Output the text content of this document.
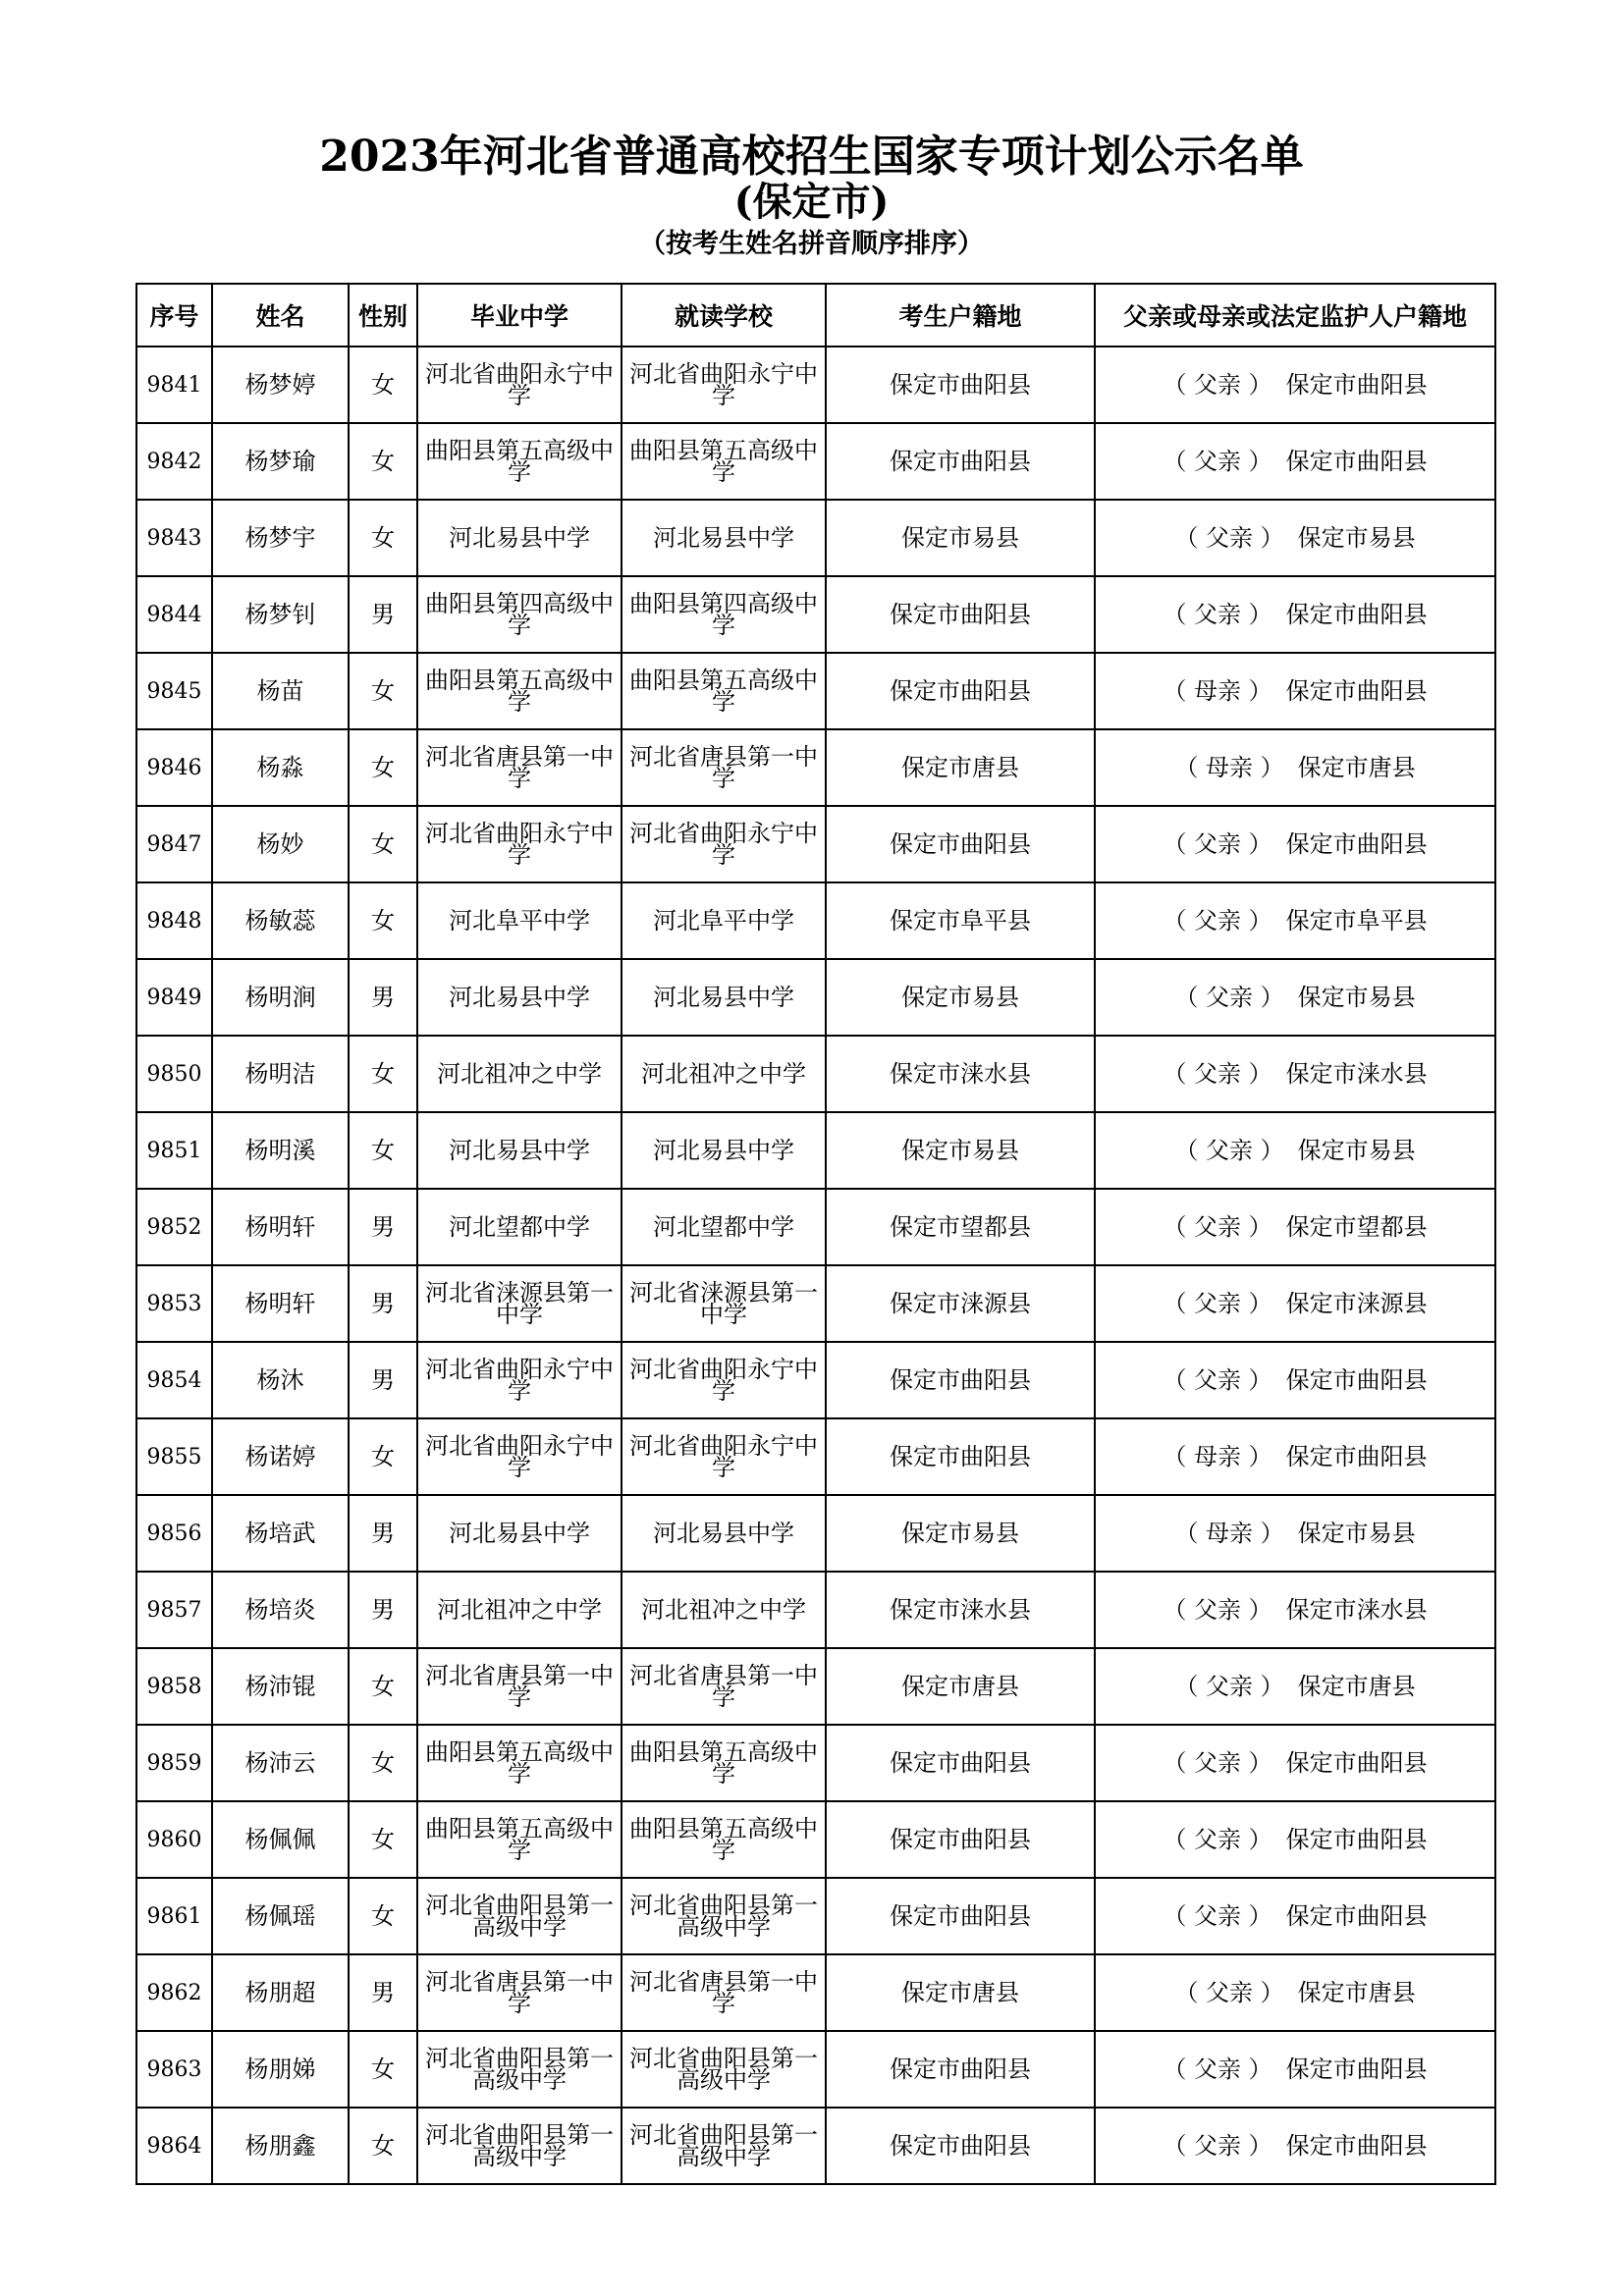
2023年河北省普通高校招生国家专项计划公示名单
(保定市)
（按考生姓名拼音顺序排序）
序号	姓名	性别	毕业中学	就读学校	考生户籍地	父亲或母亲或法定监护人户籍地
9841	杨梦婷	女	河北省曲阳永宁中学	河北省曲阳永宁中学	保定市曲阳县	（ 父亲 ） 保定市曲阳县
9842	杨梦瑜	女	曲阳县第五高级中学	曲阳县第五高级中学	保定市曲阳县	（ 父亲 ） 保定市曲阳县
9843	杨梦宇	女	河北易县中学	河北易县中学	保定市易县	（ 父亲 ） 保定市易县
9844	杨梦钊	男	曲阳县第四高级中学	曲阳县第四高级中学	保定市曲阳县	（ 父亲 ） 保定市曲阳县
9845	杨苗	女	曲阳县第五高级中学	曲阳县第五高级中学	保定市曲阳县	（ 母亲 ） 保定市曲阳县
9846	杨淼	女	河北省唐县第一中学	河北省唐县第一中学	保定市唐县	（ 母亲 ） 保定市唐县
9847	杨妙	女	河北省曲阳永宁中学	河北省曲阳永宁中学	保定市曲阳县	（ 父亲 ） 保定市曲阳县
9848	杨敏蕊	女	河北阜平中学	河北阜平中学	保定市阜平县	（ 父亲 ） 保定市阜平县
9849	杨明涧	男	河北易县中学	河北易县中学	保定市易县	（ 父亲 ） 保定市易县
9850	杨明洁	女	河北祖冲之中学	河北祖冲之中学	保定市涞水县	（ 父亲 ） 保定市涞水县
9851	杨明溪	女	河北易县中学	河北易县中学	保定市易县	（ 父亲 ） 保定市易县
9852	杨明轩	男	河北望都中学	河北望都中学	保定市望都县	（ 父亲 ） 保定市望都县
9853	杨明轩	男	河北省涞源县第一中学	河北省涞源县第一中学	保定市涞源县	（ 父亲 ） 保定市涞源县
9854	杨沐	男	河北省曲阳永宁中学	河北省曲阳永宁中学	保定市曲阳县	（ 父亲 ） 保定市曲阳县
9855	杨诺婷	女	河北省曲阳永宁中学	河北省曲阳永宁中学	保定市曲阳县	（ 母亲 ） 保定市曲阳县
9856	杨培武	男	河北易县中学	河北易县中学	保定市易县	（ 母亲 ） 保定市易县
9857	杨培炎	男	河北祖冲之中学	河北祖冲之中学	保定市涞水县	（ 父亲 ） 保定市涞水县
9858	杨沛锟	女	河北省唐县第一中学	河北省唐县第一中学	保定市唐县	（ 父亲 ） 保定市唐县
9859	杨沛云	女	曲阳县第五高级中学	曲阳县第五高级中学	保定市曲阳县	（ 父亲 ） 保定市曲阳县
9860	杨佩佩	女	曲阳县第五高级中学	曲阳县第五高级中学	保定市曲阳县	（ 父亲 ） 保定市曲阳县
9861	杨佩瑶	女	河北省曲阳县第一高级中学	河北省曲阳县第一高级中学	保定市曲阳县	（ 父亲 ） 保定市曲阳县
9862	杨朋超	男	河北省唐县第一中学	河北省唐县第一中学	保定市唐县	（ 父亲 ） 保定市唐县
9863	杨朋娣	女	河北省曲阳县第一高级中学	河北省曲阳县第一高级中学	保定市曲阳县	（ 父亲 ） 保定市曲阳县
9864	杨朋鑫	女	河北省曲阳县第一高级中学	河北省曲阳县第一高级中学	保定市曲阳县	（ 父亲 ） 保定市曲阳县
